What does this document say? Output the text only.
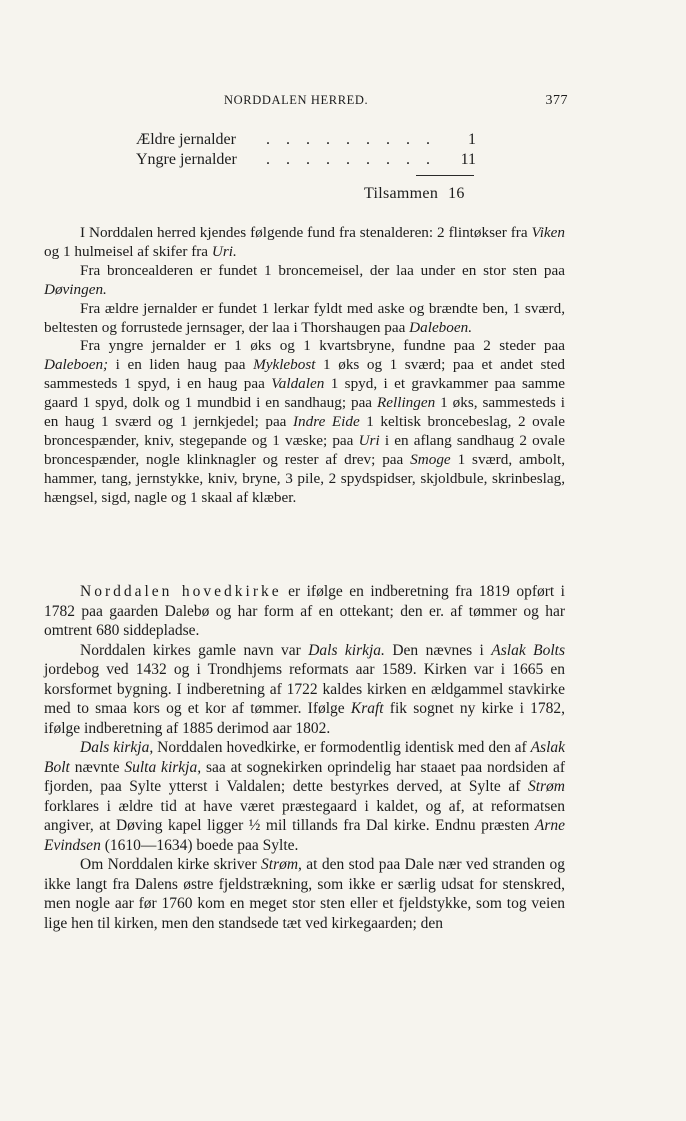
NORDDALEN HERRED.	377
Ældre jernalder	. . . . . . . . .	1
Yngre jernalder	. . . . . . . . .	11
Tilsammen 16

I Norddalen herred kjendes følgende fund fra stenalderen: 2 flintøkser fra Viken og 1 hulmeisel af skifer fra Uri.

Fra broncealderen er fundet 1 broncemeisel, der laa under en stor sten paa Døvingen.

Fra ældre jernalder er fundet 1 lerkar fyldt med aske og brændte ben, 1 sværd, beltesten og forrustede jernsager, der laa i Thorshaugen paa Daleboen.

Fra yngre jernalder er 1 øks og 1 kvartsbryne, fundne paa 2 steder paa Daleboen; i en liden haug paa Myklebost 1 øks og 1 sværd; paa et andet sted sammesteds 1 spyd, i en haug paa Valdalen 1 spyd, i et gravkammer paa samme gaard 1 spyd, dolk og 1 mundbid i en sandhaug; paa Rellingen 1 øks, sammesteds i en haug 1 sværd og 1 jernkjedel; paa Indre Eide 1 keltisk broncebeslag, 2 ovale broncespænder, kniv, stegepande og 1 væske; paa Uri i en aflang sandhaug 2 ovale broncespænder, nogle klinknagler og rester af drev; paa Smoge 1 sværd, ambolt, hammer, tang, jernstykke, kniv, bryne, 3 pile, 2 spydspidser, skjoldbule, skrinbeslag, hængsel, sigd, nagle og 1 skaal af klæber.

Norddalen hovedkirke er ifølge en indberetning fra 1819 opført i 1782 paa gaarden Dalebø og har form af en ottekant; den er. af tømmer og har omtrent 680 siddepladse.

Norddalen kirkes gamle navn var Dals kirkja. Den nævnes i Aslak Bolts jordebog ved 1432 og i Trondhjems reformats aar 1589. Kirken var i 1665 en korsformet bygning. I indberetning af 1722 kaldes kirken en ældgammel stavkirke med to smaa kors og et kor af tømmer. Ifølge Kraft fik sognet ny kirke i 1782, ifølge indberetning af 1885 derimod aar 1802.

Dals kirkja, Norddalen hovedkirke, er formodentlig identisk med den af Aslak Bolt nævnte Sulta kirkja, saa at sognekirken oprindelig har staaet paa nordsiden af fjorden, paa Sylte ytterst i Valdalen; dette bestyrkes derved, at Sylte af Strøm forklares i ældre tid at have været præstegaard i kaldet, og af, at reformatsen angiver, at Døving kapel ligger ½ mil tillands fra Dal kirke. Endnu præsten Arne Evindsen (1610—1634) boede paa Sylte.

Om Norddalen kirke skriver Strøm, at den stod paa Dale nær ved stranden og ikke langt fra Dalens østre fjeldstrækning, som ikke er særlig udsat for stenskred, men nogle aar før 1760 kom en meget stor sten eller et fjeldstykke, som tog veien lige hen til kirken, men den standsede tæt ved kirkegaarden; den
